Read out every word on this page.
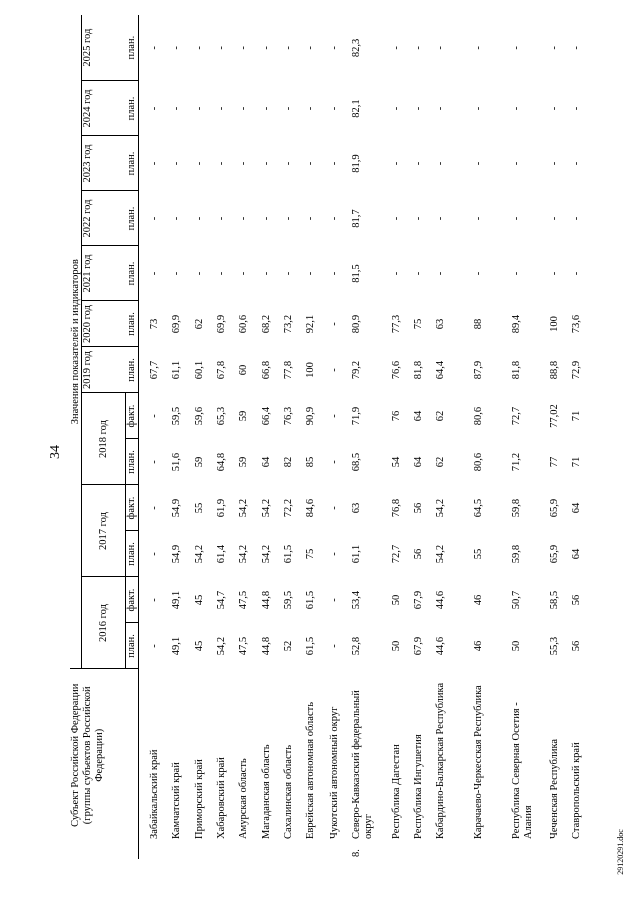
34
29120291.doc
Субъект Российской Федерации (группы субъектов Российской Федерации)		Значения показателей и индикаторов												
		2016 год		2017 год		2018 год		2019 год	2020 год	2021 год	2022 год	2023 год	2024 год	2025 год
		план.	факт.	план.	факт.	план.	факт.	план.	план.	план.	план.	план.	план.	план.
	Забайкальский край	-	-	-	-	-	-	67,7	73	-	-	-	-	-
	Камчатский край	49,1	49,1	54,9	54,9	51,6	59,5	61,1	69,9	-	-	-	-	-
	Приморский край	45	45	54,2	55	59	59,6	60,1	62	-	-	-	-	-
	Хабаровский край	54,2	54,7	61,4	61,9	64,8	65,3	67,8	69,9	-	-	-	-	-
	Амурская область	47,5	47,5	54,2	54,2	59	59	60	60,6	-	-	-	-	-
	Магаданская область	44,8	44,8	54,2	54,2	64	66,4	66,8	68,2	-	-	-	-	-
	Сахалинская область	52	59,5	61,5	72,2	82	76,3	77,8	73,2	-	-	-	-	-
	Еврейская автономная область	61,5	61,5	75	84,6	85	90,9	100	92,1	-	-	-	-	-
	Чукотский автономный округ	-	-	-	-	-	-	-	-	-	-	-	-	-
8.	Северо-Кавказский федеральный округ	52,8	53,4	61,1	63	68,5	71,9	79,2	80,9	81,5	81,7	81,9	82,1	82,3
	Республика Дагестан	50	50	72,7	76,8	54	76	76,6	77,3	-	-	-	-	-
	Республика Ингушетия	67,9	67,9	56	56	64	64	81,8	75	-	-	-	-	-
	Кабардино-Балкарская Республика	44,6	44,6	54,2	54,2	62	62	64,4	63	-	-	-	-	-
	Карачаево-Черкесская Республика	46	46	55	64,5	80,6	80,6	87,9	88	-	-	-	-	-
	Республика Северная Осетия - Алания	50	50,7	59,8	59,8	71,2	72,7	81,8	89,4	-	-	-	-	-
	Чеченская Республика	55,3	58,5	65,9	65,9	77	77,02	88,8	100	-	-	-	-	-
	Ставропольский край	56	56	64	64	71	71	72,9	73,6	-	-	-	-	-
